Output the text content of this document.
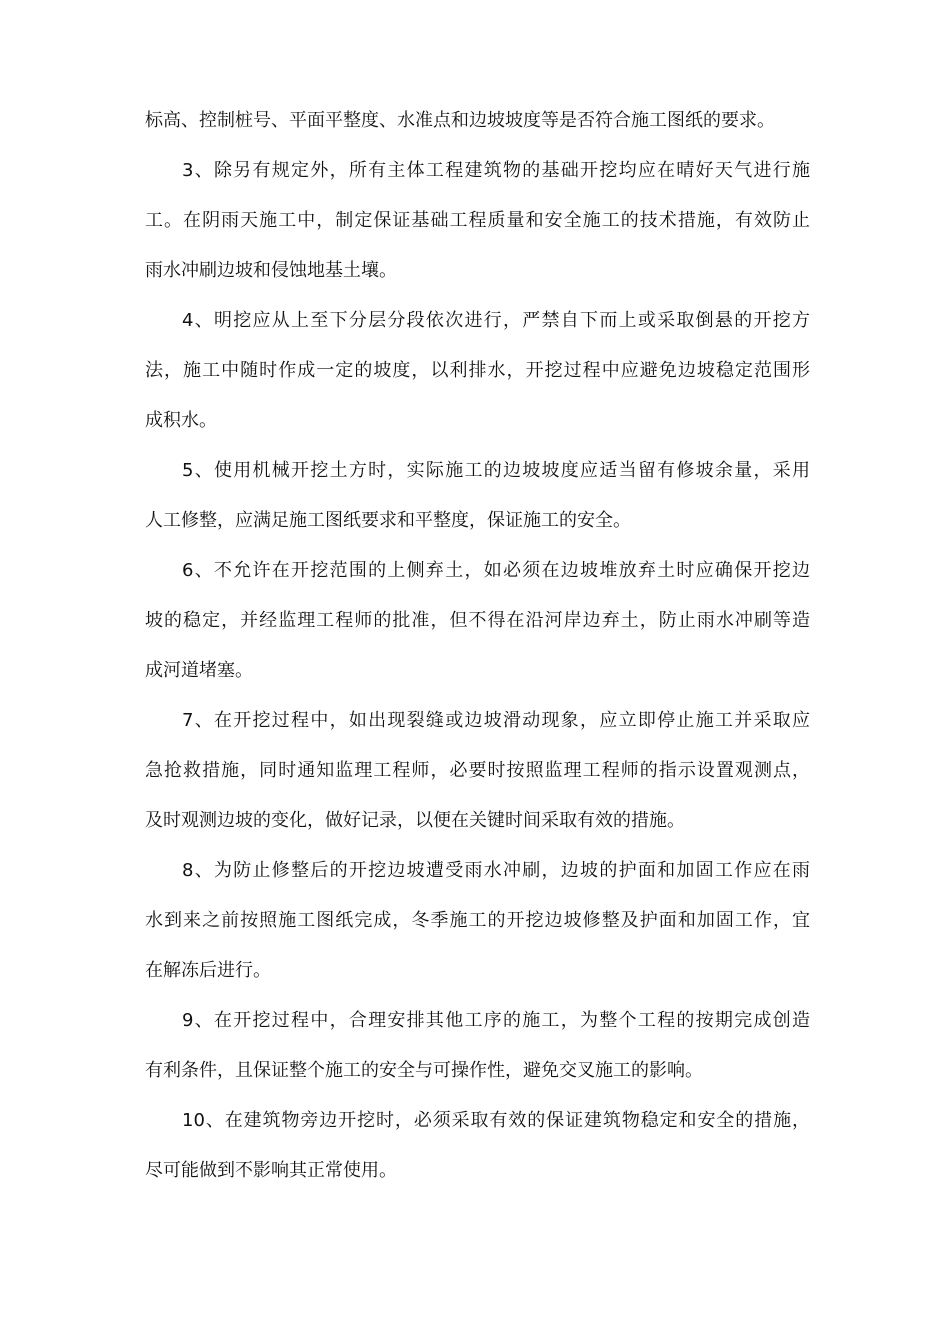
标高、控制桩号、平面平整度、水准点和边坡坡度等是否符合施工图纸的要求。
3、除另有规定外，所有主体工程建筑物的基础开挖均应在晴好天气进行施
工。在阴雨天施工中，制定保证基础工程质量和安全施工的技术措施，有效防止
雨水冲刷边坡和侵蚀地基土壤。
4、明挖应从上至下分层分段依次进行，严禁自下而上或采取倒悬的开挖方
法，施工中随时作成一定的坡度，以利排水，开挖过程中应避免边坡稳定范围形
成积水。
5、使用机械开挖土方时，实际施工的边坡坡度应适当留有修坡余量，采用
人工修整，应满足施工图纸要求和平整度，保证施工的安全。
6、不允许在开挖范围的上侧弃土，如必须在边坡堆放弃土时应确保开挖边
坡的稳定，并经监理工程师的批准，但不得在沿河岸边弃土，防止雨水冲刷等造
成河道堵塞。
7、在开挖过程中，如出现裂缝或边坡滑动现象，应立即停止施工并采取应
急抢救措施，同时通知监理工程师，必要时按照监理工程师的指示设置观测点，
及时观测边坡的变化，做好记录，以便在关键时间采取有效的措施。
8、为防止修整后的开挖边坡遭受雨水冲刷，边坡的护面和加固工作应在雨
水到来之前按照施工图纸完成，冬季施工的开挖边坡修整及护面和加固工作，宜
在解冻后进行。
9、在开挖过程中，合理安排其他工序的施工，为整个工程的按期完成创造
有利条件，且保证整个施工的安全与可操作性，避免交叉施工的影响。
10、在建筑物旁边开挖时，必须采取有效的保证建筑物稳定和安全的措施，
尽可能做到不影响其正常使用。
